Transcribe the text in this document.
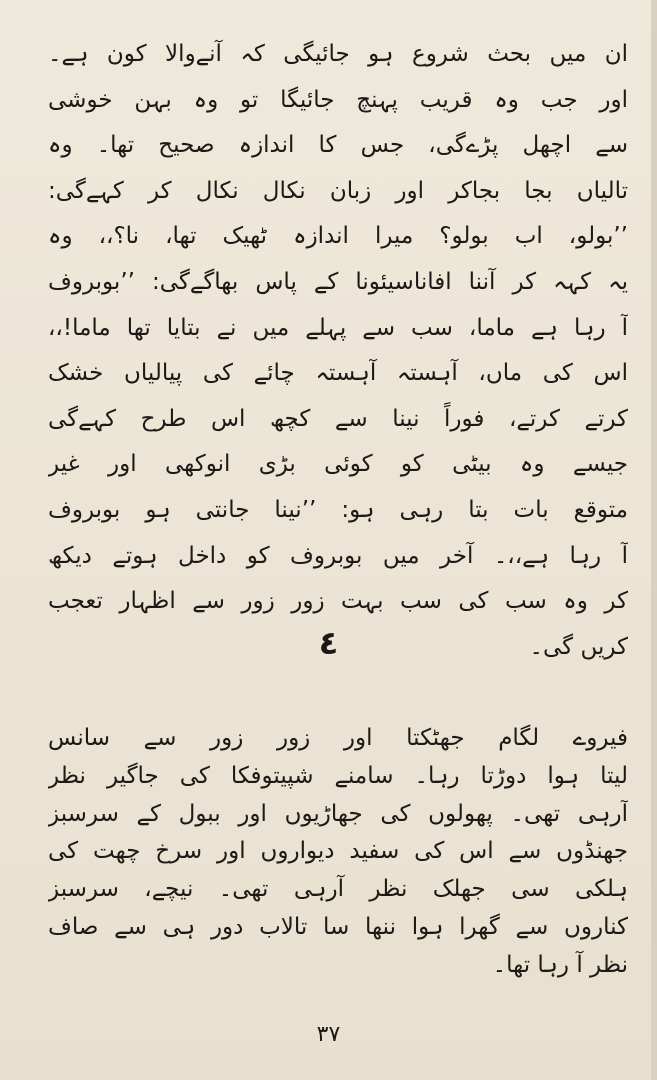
ان میں بحث شروع ہو جائیگی کہ آنےوالا کون ہے۔
اور جب وہ قریب پہنچ جائیگا تو وہ بہن خوشی
سے اچھل پڑےگی، جس کا اندازہ صحیح تھا۔ وہ
تالیاں بجا بجاکر اور زبان نکال نکال کر کہےگی:
’’بولو، اب بولو؟ میرا اندازہ ٹھیک تھا، نا؟،، وہ
یہ کہہ کر آننا افاناسیئونا کے پاس بھاگےگی: ’’بوبروف
آ رہا ہے ماما، سب سے پہلے میں نے بتایا تھا ماما!،،
اس کی ماں، آہستہ آہستہ چائے کی پیالیاں خشک
کرتے کرتے، فوراً نینا سے کچھ اس طرح کہےگی
جیسے وہ بیٹی کو کوئی بڑی انوکھی اور غیر
متوقع بات بتا رہی ہو: ’’نینا جانتی ہو بوبروف
آ رہا ہے،،۔ آخر میں بوبروف کو داخل ہوتے دیکھ
کر وہ سب کی سب بہت زور زور سے اظہار تعجب
کریں گی۔
٤
فیروے لگام جھٹکتا اور زور زور سے سانس
لیتا ہوا دوڑتا رہا۔ سامنے شپیتوفکا کی جاگیر نظر
آرہی تھی۔ پھولوں کی جھاڑیوں اور ببول کے سرسبز
جھنڈوں سے اس کی سفید دیواروں اور سرخ چھت کی
ہلکی سی جھلک نظر آرہی تھی۔ نیچے، سرسبز
کناروں سے گھرا ہوا ننھا سا تالاب دور ہی سے صاف
نظر آ رہا تھا۔
٣٧
